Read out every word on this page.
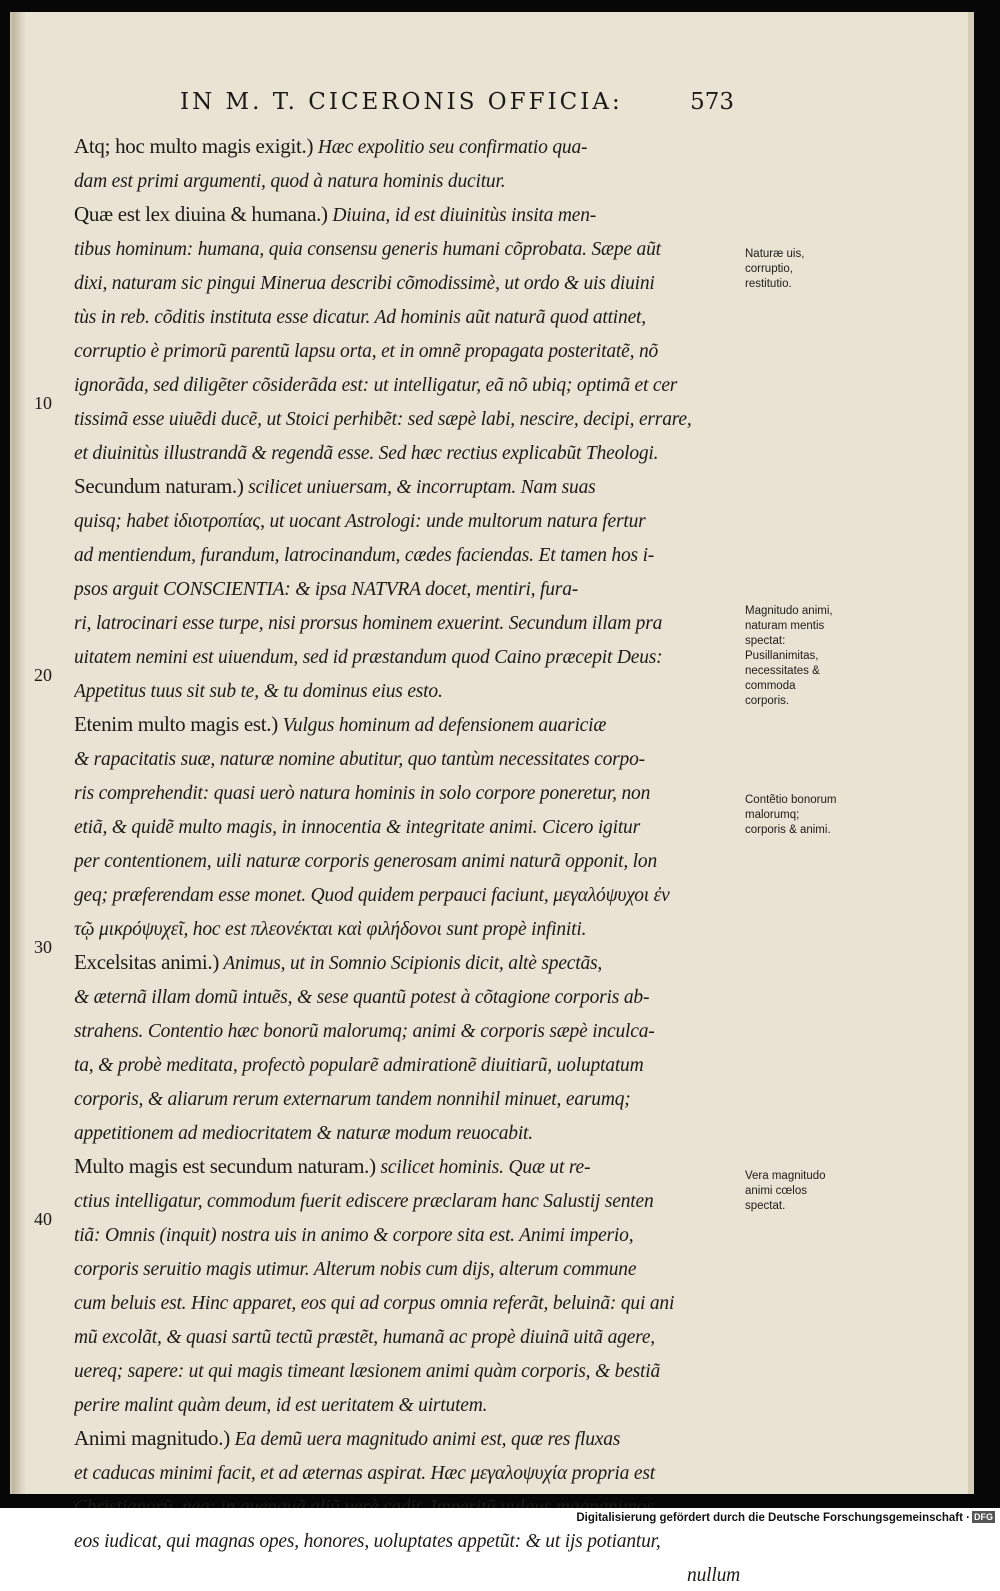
IN M. T. CICERONIS OFFICIA:	573
Atq; hoc multo magis exigit.) Hæc expolitio seu confirmatio qua-
dam est primi argumenti, quod à natura hominis ducitur.
Quæ est lex diuina & humana.) Diuina, id est diuinitùs insita men-
tibus hominum: humana, quia consensu generis humani cõprobata. Sæpe aũt
dixi, naturam sic pingui Minerua describi cõmodissimè, ut ordo & uis diuini
tùs in reb. cõditis instituta esse dicatur. Ad hominis aũt naturã quod attinet,
corruptio è primorũ parentũ lapsu orta, et in omnẽ propagata posteritatẽ, nõ
ignorãda, sed diligẽter cõsiderãda est: ut intelligatur, eã nõ ubiq; optimã et cer
tissimã esse uiuẽdi ducẽ, ut Stoici perhibẽt: sed sæpè labi, nescire, decipi, errare,
et diuinitùs illustrandã & regendã esse. Sed hæc rectius explicabũt Theologi.
Secundum naturam.) scilicet uniuersam, & incorruptam. Nam suas
quisq; habet ἰδιοτροπίας, ut uocant Astrologi: unde multorum natura fertur
ad mentiendum, furandum, latrocinandum, cædes faciendas. Et tamen hos i-
psos arguit CONSCIENTIA: & ipsa NATVRA docet, mentiri, fura-
ri, latrocinari esse turpe, nisi prorsus hominem exuerint. Secundum illam pra
uitatem nemini est uiuendum, sed id præstandum quod Caino præcepit Deus:
Appetitus tuus sit sub te, & tu dominus eius esto.
Etenim multo magis est.) Vulgus hominum ad defensionem auariciæ
& rapacitatis suæ, naturæ nomine abutitur, quo tantùm necessitates corpo-
ris comprehendit: quasi uerò natura hominis in solo corpore poneretur, non
etiã, & quidẽ multo magis, in innocentia & integritate animi. Cicero igitur
per contentionem, uili naturæ corporis generosam animi naturã opponit, lon
geq; præferendam esse monet. Quod quidem perpauci faciunt, μεγαλόψυχοι ἐν
τῷ μικρόψυχεῖ, hoc est πλεονέκται καὶ φιλήδονοι sunt propè infiniti.
Excelsitas animi.) Animus, ut in Somnio Scipionis dicit, altè spectãs,
& æternã illam domũ intuẽs, & sese quantũ potest à cõtagione corporis ab-
strahens. Contentio hæc bonorũ malorumq; animi & corporis sæpè inculca-
ta, & probè meditata, profectò popularẽ admirationẽ diuitiarũ, uoluptatum
corporis, & aliarum rerum externarum tandem nonnihil minuet, earumq;
appetitionem ad mediocritatem & naturæ modum reuocabit.
Multo magis est secundum naturam.) scilicet hominis. Quæ ut re-
ctius intelligatur, commodum fuerit ediscere præclaram hanc Salustij senten
tiã: Omnis (inquit) nostra uis in animo & corpore sita est. Animi imperio,
corporis seruitio magis utimur. Alterum nobis cum dijs, alterum commune
cum beluis est. Hinc apparet, eos qui ad corpus omnia referãt, beluinã: qui ani
mũ excolãt, & quasi sartũ tectũ præstẽt, humanã ac propè diuinã uitã agere,
uereq; sapere: ut qui magis timeant læsionem animi quàm corporis, & bestiã
perire malint quàm deum, id est ueritatem & uirtutem.
Animi magnitudo.) Ea demũ uera magnitudo animi est, quæ res fluxas
et caducas minimi facit, et ad æternas aspirat. Hæc μεγαλοψυχία propria est
eos iudicat, qui magnas opes, honores, uoluptates appetũt: & ut ijs potiantur,
nullum
10
20
30
40
Naturæ uis, corruptio, restitutio.
Magnitudo animi, naturam mentis spectat: Pusillanimitas, necessitates & commoda corporis.
Contẽtio bonorum malorumq; corporis & animi.
Vera magnitudo animi cœlos spectat.
Digitalisierung gefördert durch die Deutsche Forschungsgemeinschaft · DFG
